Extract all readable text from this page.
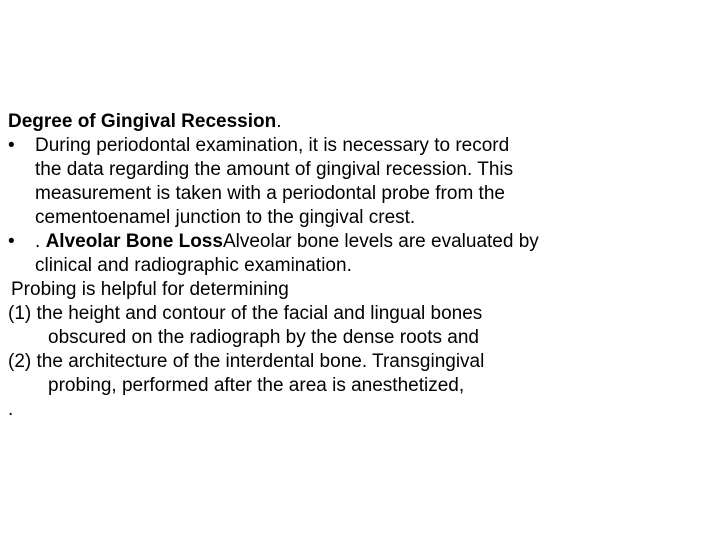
Degree of Gingival Recession.

• During periodontal examination, it is necessary to record

the data regarding the amount of gingival recession. This

measurement is taken with a periodontal probe from the

cementoenamel junction to the gingival crest.

• . Alveolar Bone LossAlveolar bone levels are evaluated by

clinical and radiographic examination.

Probing is helpful for determining

(1) the height and contour of the facial and lingual bones

obscured on the radiograph by the dense roots and

(2) the architecture of the interdental bone. Transgingival

probing, performed after the area is anesthetized,

.
